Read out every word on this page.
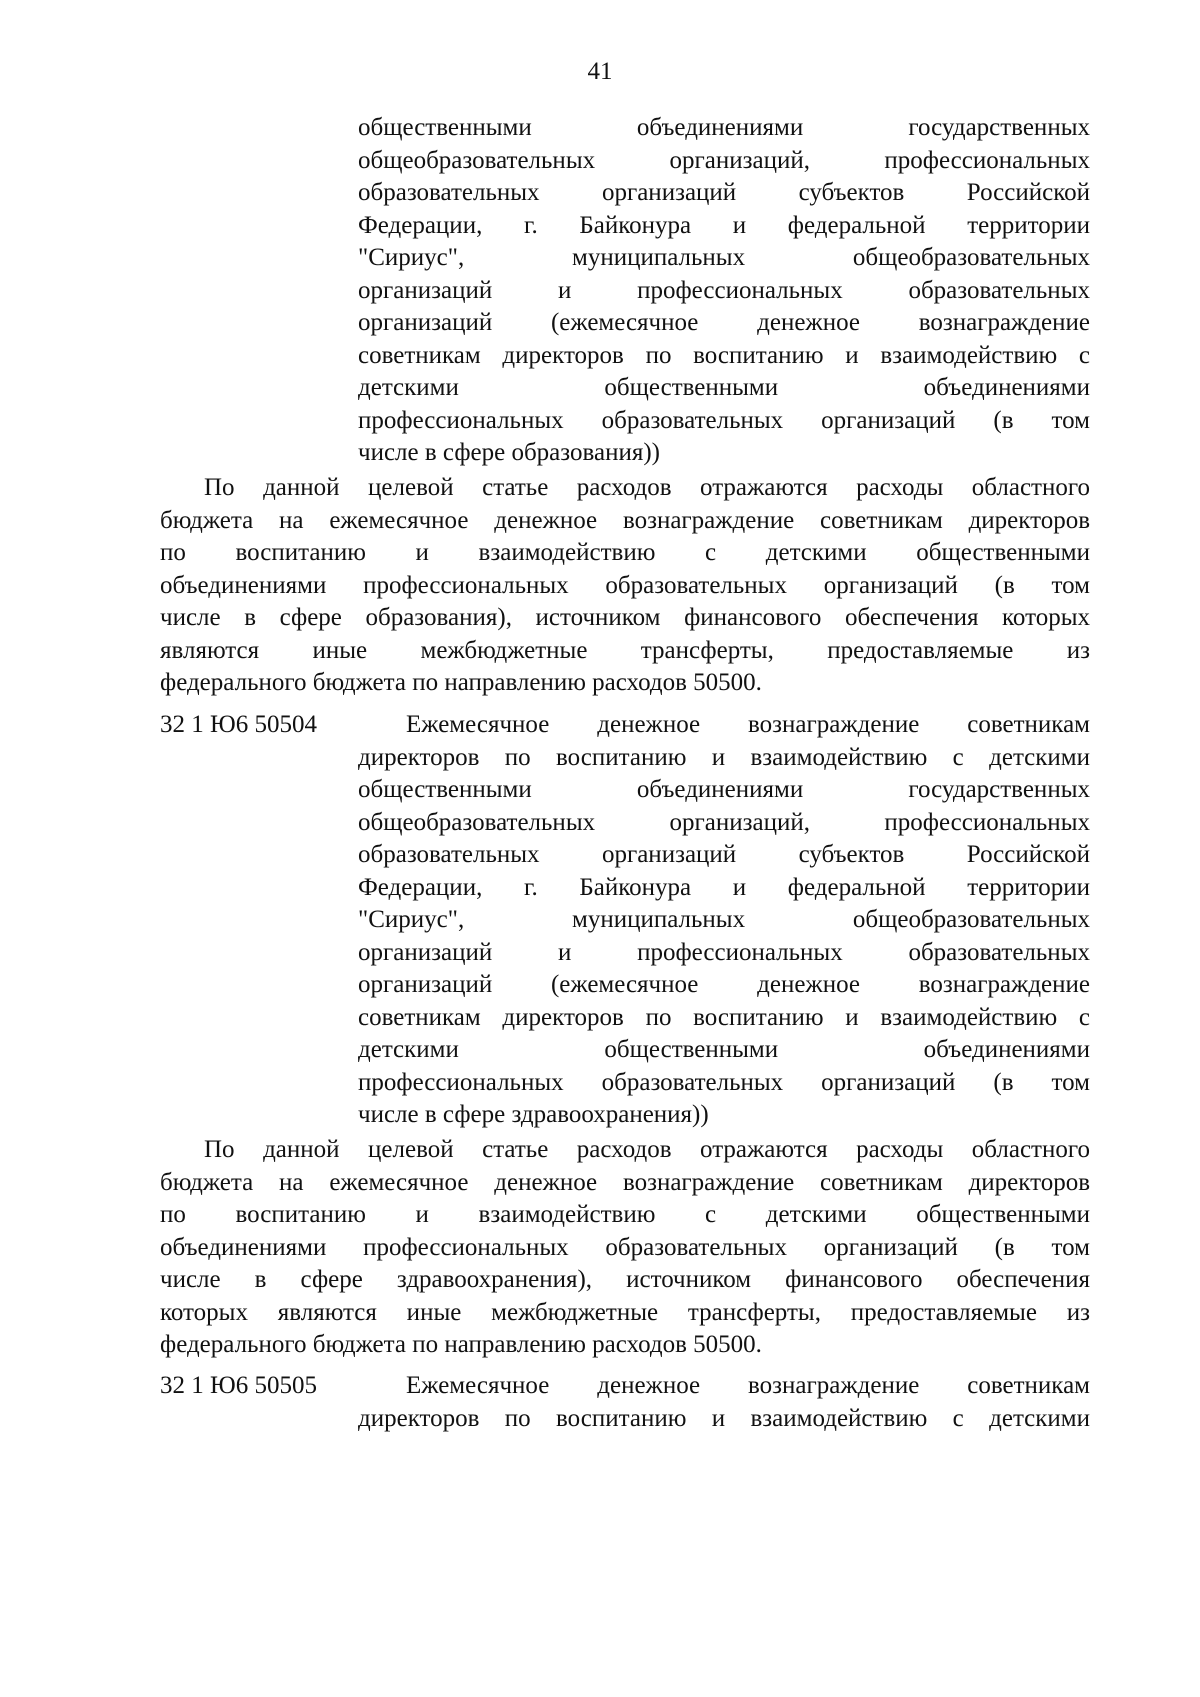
41
общественными объединениями государственных
общеобразовательных организаций, профессиональных
образовательных организаций субъектов Российской
Федерации, г. Байконура и федеральной территории
"Сириус", муниципальных общеобразовательных
организаций и профессиональных образовательных
организаций (ежемесячное денежное вознаграждение
советникам директоров по воспитанию и взаимодействию с
детскими общественными объединениями
профессиональных образовательных организаций (в том
числе в сфере образования))
По данной целевой статье расходов отражаются расходы областного
бюджета на ежемесячное денежное вознаграждение советникам директоров
по воспитанию и взаимодействию с детскими общественными
объединениями профессиональных образовательных организаций (в том
числе в сфере образования), источником финансового обеспечения которых
являются иные межбюджетные трансферты, предоставляемые из
федерального бюджета по направлению расходов 50500.
32 1 Ю6 50504	Ежемесячное денежное вознаграждение советникам
директоров по воспитанию и взаимодействию с детскими
общественными объединениями государственных
общеобразовательных организаций, профессиональных
образовательных организаций субъектов Российской
Федерации, г. Байконура и федеральной территории
"Сириус", муниципальных общеобразовательных
организаций и профессиональных образовательных
организаций (ежемесячное денежное вознаграждение
советникам директоров по воспитанию и взаимодействию с
детскими общественными объединениями
профессиональных образовательных организаций (в том
числе в сфере здравоохранения))
По данной целевой статье расходов отражаются расходы областного
бюджета на ежемесячное денежное вознаграждение советникам директоров
по воспитанию и взаимодействию с детскими общественными
объединениями профессиональных образовательных организаций (в том
числе в сфере здравоохранения), источником финансового обеспечения
которых являются иные межбюджетные трансферты, предоставляемые из
федерального бюджета по направлению расходов 50500.
32 1 Ю6 50505	Ежемесячное денежное вознаграждение советникам
директоров по воспитанию и взаимодействию с детскими
